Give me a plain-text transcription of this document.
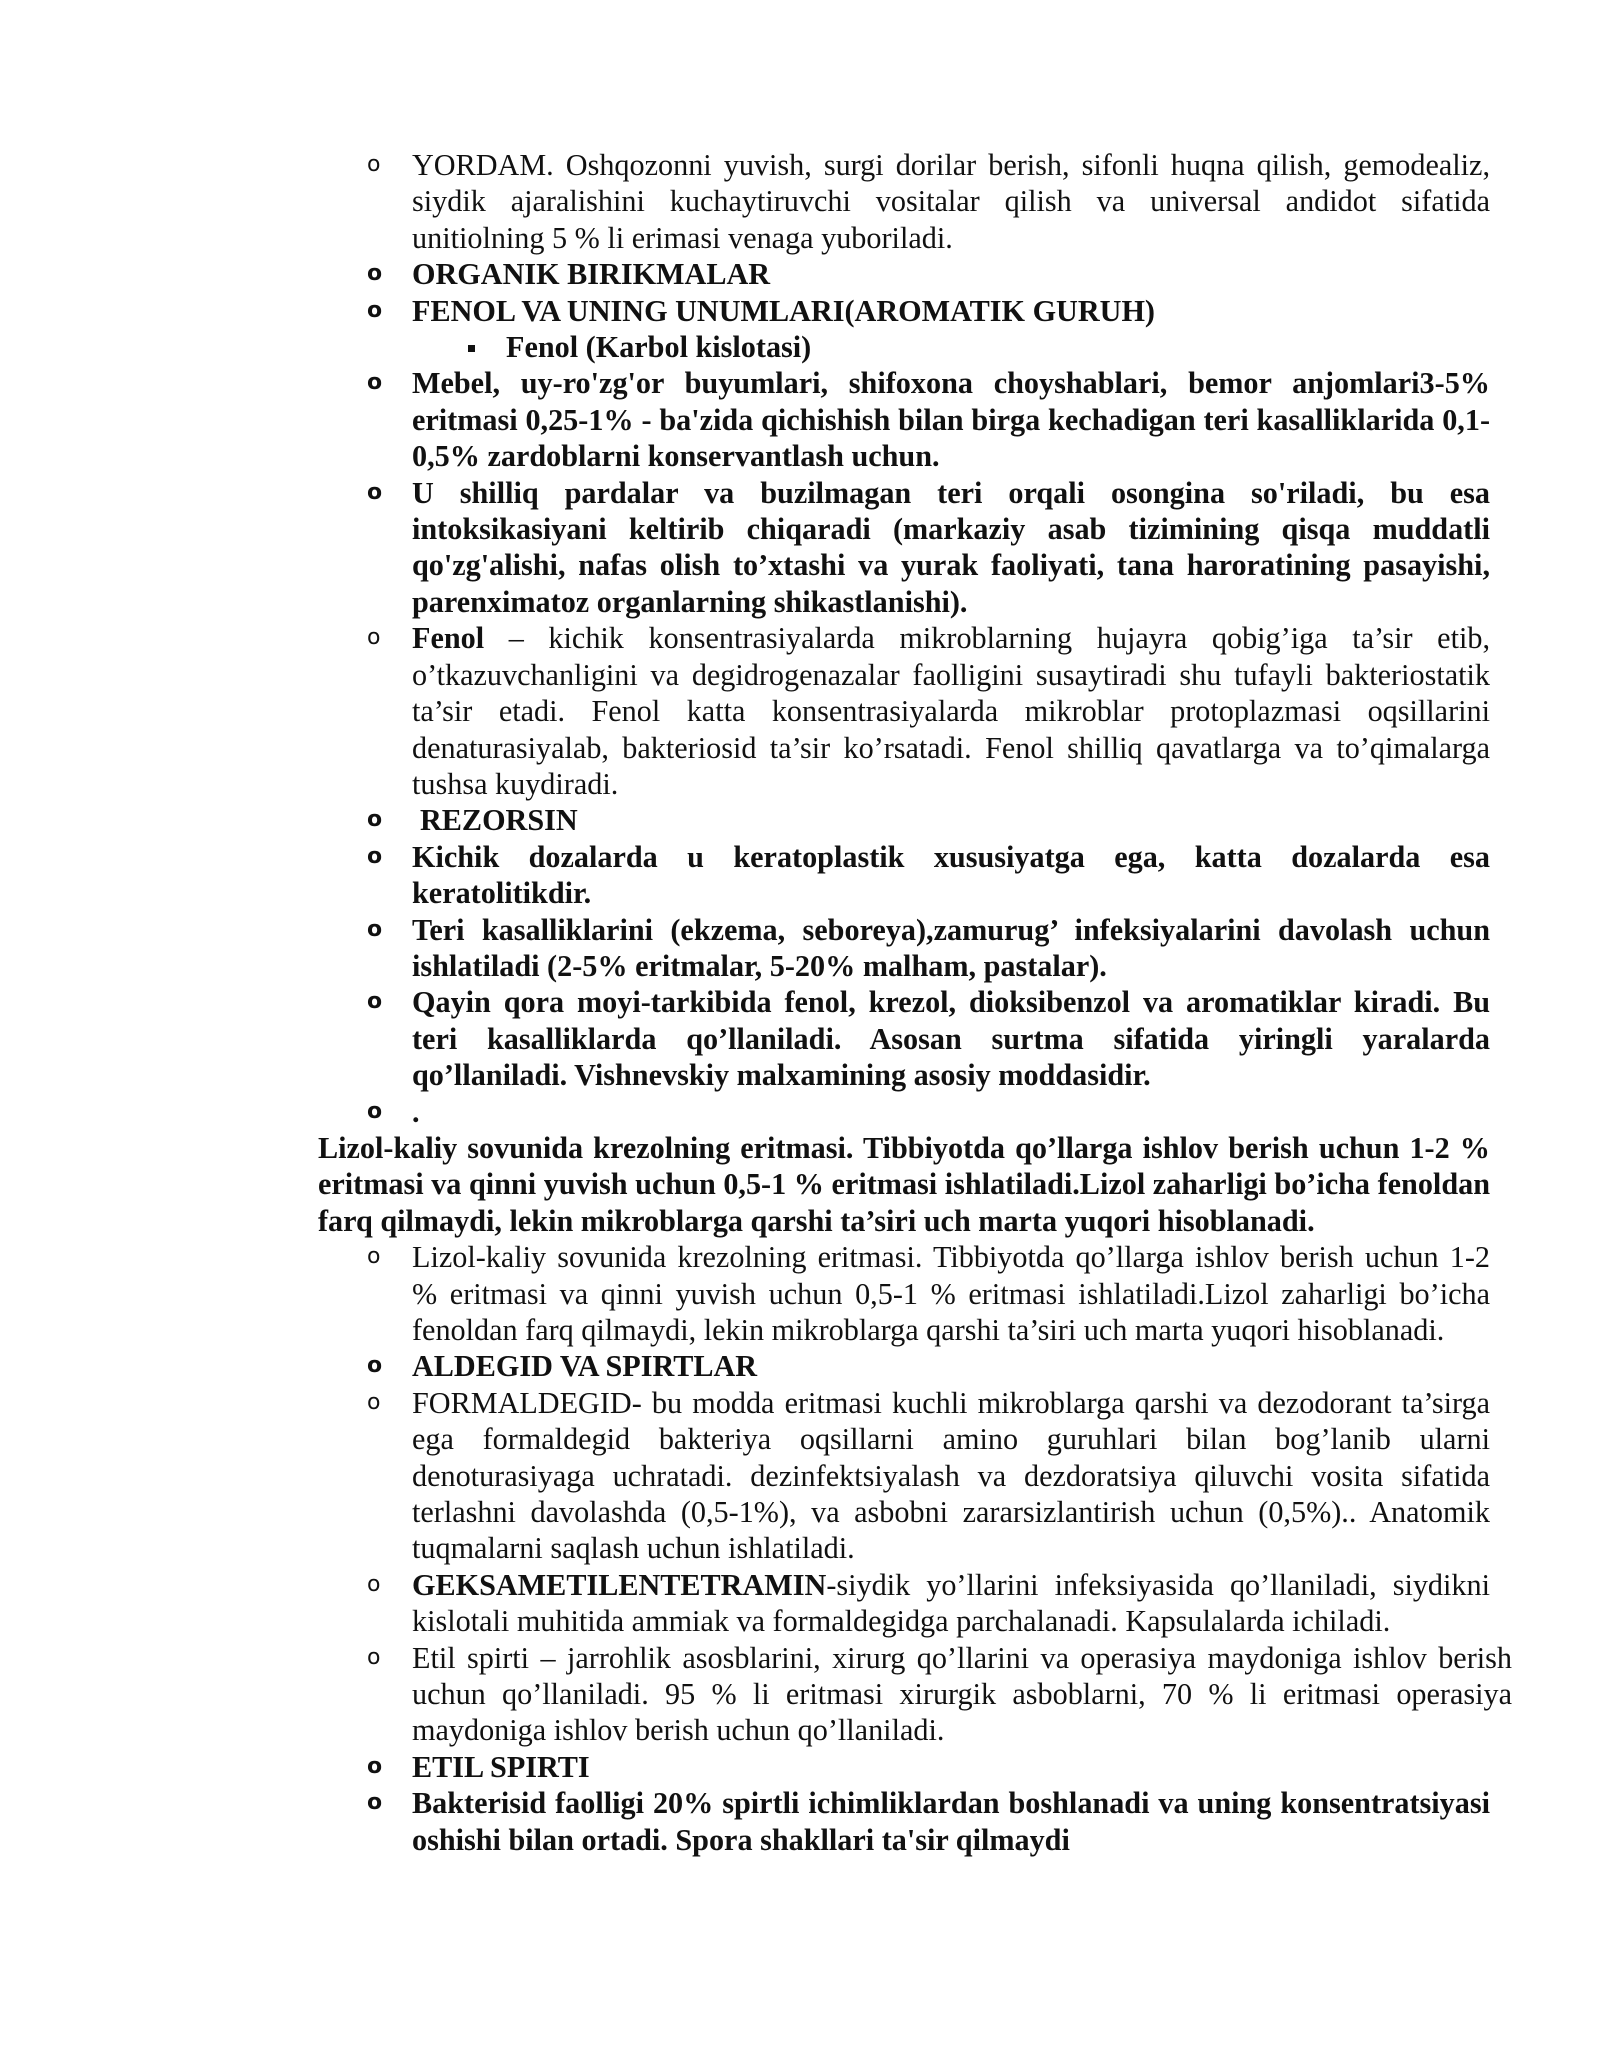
o YORDAM. Oshqozonni yuvish, surgi dorilar berish, sifonli huqna qilish, gemodealiz, siydik ajaralishini kuchaytiruvchi vositalar qilish va universal andidot sifatida unitiolning 5 % li erimasi venaga yuboriladi.
o ORGANIK BIRIKMALAR
o FENOL VA UNING UNUMLARI(AROMATIK GURUH)
Fenol (Karbol kislotasi)
o Mebel, uy-ro'zg'or buyumlari, shifoxona choyshablari, bemor anjomlari3-5% eritmasi 0,25-1% - ba'zida qichishish bilan birga kechadigan teri kasalliklarida 0,1-0,5% zardoblarni konservantlash uchun.
o U shilliq pardalar va buzilmagan teri orqali osongina so'riladi, bu esa intoksikasiyani keltirib chiqaradi (markaziy asab tizimining qisqa muddatli qo'zg'alishi, nafas olish to’xtashi va yurak faoliyati, tana haroratining pasayishi, parenximatoz organlarning shikastlanishi).
o Fenol – kichik konsentrasiyalarda mikroblarning hujayra qobig’iga ta’sir etib, o’tkazuvchanligini va degidrogenazalar faolligini susaytiradi shu tufayli bakteriostatik ta’sir etadi. Fenol katta konsentrasiyalarda mikroblar protoplazmasi oqsillarini denaturasiyalab, bakteriosid ta’sir ko’rsatadi. Fenol shilliq qavatlarga va to’qimalarga tushsa kuydiradi.
o REZORSIN
o Kichik dozalarda u keratoplastik xususiyatga ega, katta dozalarda esa keratolitikdir.
o Teri kasalliklarini (ekzema, seboreya),zamurug’ infeksiyalarini davolash uchun ishlatiladi (2-5% eritmalar, 5-20% malham, pastalar).
o Qayin qora moyi-tarkibida fenol, krezol, dioksibenzol va aromatiklar kiradi. Bu teri kasalliklarda qo’llaniladi. Asosan surtma sifatida yiringli yaralarda qo’llaniladi. Vishnevskiy malxamining asosiy moddasidir.
o .
Lizol-kaliy sovunida krezolning eritmasi. Tibbiyotda qo’llarga ishlov berish uchun 1-2 % eritmasi va qinni yuvish uchun 0,5-1 % eritmasi ishlatiladi.Lizol zaharligi bo’icha fenoldan farq qilmaydi, lekin mikroblarga qarshi ta’siri uch marta yuqori hisoblanadi.
o Lizol-kaliy sovunida krezolning eritmasi. Tibbiyotda qo’llarga ishlov berish uchun 1-2 % eritmasi va qinni yuvish uchun 0,5-1 % eritmasi ishlatiladi.Lizol zaharligi bo’icha fenoldan farq qilmaydi, lekin mikroblarga qarshi ta’siri uch marta yuqori hisoblanadi.
o ALDEGID VA SPIRTLAR
o FORMALDEGID- bu modda eritmasi kuchli mikroblarga qarshi va dezodorant ta’sirga ega formaldegid bakteriya oqsillarni amino guruhlari bilan bog’lanib ularni denoturasiyaga uchratadi. dezinfektsiyalash va dezdoratsiya qiluvchi vosita sifatida terlashni davolashda (0,5-1%), va asbobni zararsizlantirish uchun (0,5%).. Anatomik tuqmalarni saqlash uchun ishlatiladi.
o GEKSAMETILENTETRAMIN-siydik yo’llarini infeksiyasida qo’llaniladi, siydikni kislotali muhitida ammiak va formaldegidga parchalanadi. Kapsulalarda ichiladi.
o Etil spirti – jarrohlik asosblarini, xirurg qo’llarini va operasiya maydoniga ishlov berish uchun qo’llaniladi. 95 % li eritmasi xirurgik asboblarni, 70 % li eritmasi operasiya maydoniga ishlov berish uchun qo’llaniladi.
o ETIL SPIRTI
o Bakterisid faolligi 20% spirtli ichimliklardan boshlanadi va uning konsentratsiyasi oshishi bilan ortadi. Spora shakllari ta'sir qilmaydi
